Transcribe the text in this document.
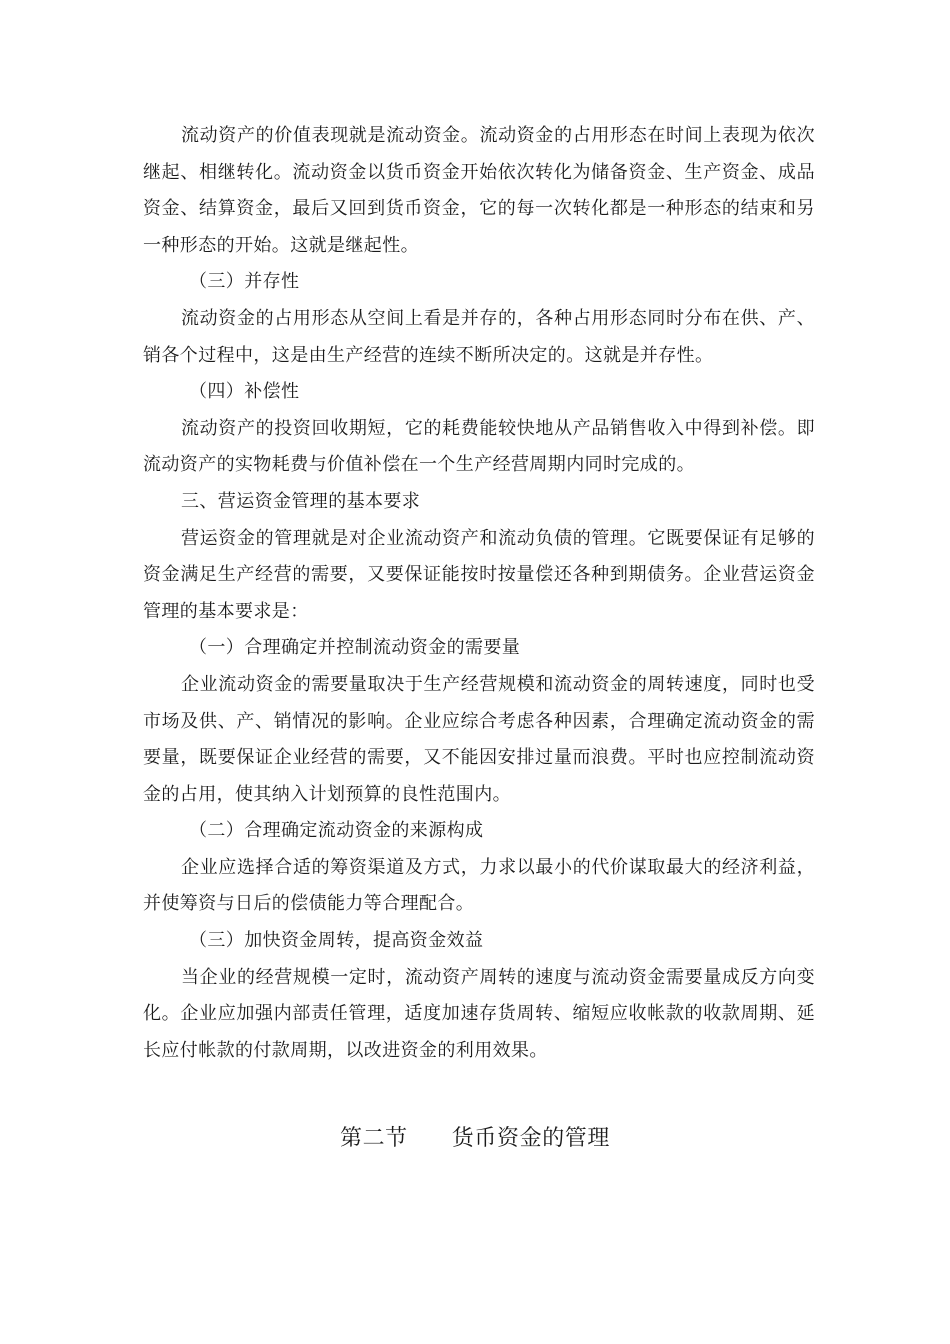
流动资产的价值表现就是流动资金。流动资金的占用形态在时间上表现为依次继起、相继转化。流动资金以货币资金开始依次转化为储备资金、生产资金、成品资金、结算资金，最后又回到货币资金，它的每一次转化都是一种形态的结束和另一种形态的开始。这就是继起性。

（三）并存性

流动资金的占用形态从空间上看是并存的，各种占用形态同时分布在供、产、销各个过程中，这是由生产经营的连续不断所决定的。这就是并存性。

（四）补偿性

流动资产的投资回收期短，它的耗费能较快地从产品销售收入中得到补偿。即流动资产的实物耗费与价值补偿在一个生产经营周期内同时完成的。

三、营运资金管理的基本要求

营运资金的管理就是对企业流动资产和流动负债的管理。它既要保证有足够的资金满足生产经营的需要，又要保证能按时按量偿还各种到期债务。企业营运资金管理的基本要求是：

（一）合理确定并控制流动资金的需要量

企业流动资金的需要量取决于生产经营规模和流动资金的周转速度，同时也受市场及供、产、销情况的影响。企业应综合考虑各种因素，合理确定流动资金的需要量，既要保证企业经营的需要，又不能因安排过量而浪费。平时也应控制流动资金的占用，使其纳入计划预算的良性范围内。

（二）合理确定流动资金的来源构成

企业应选择合适的筹资渠道及方式，力求以最小的代价谋取最大的经济利益，并使筹资与日后的偿债能力等合理配合。

（三）加快资金周转，提高资金效益

当企业的经营规模一定时，流动资产周转的速度与流动资金需要量成反方向变化。企业应加强内部责任管理，适度加速存货周转、缩短应收帐款的收款周期、延长应付帐款的付款周期，以改进资金的利用效果。

第二节 货币资金的管理
